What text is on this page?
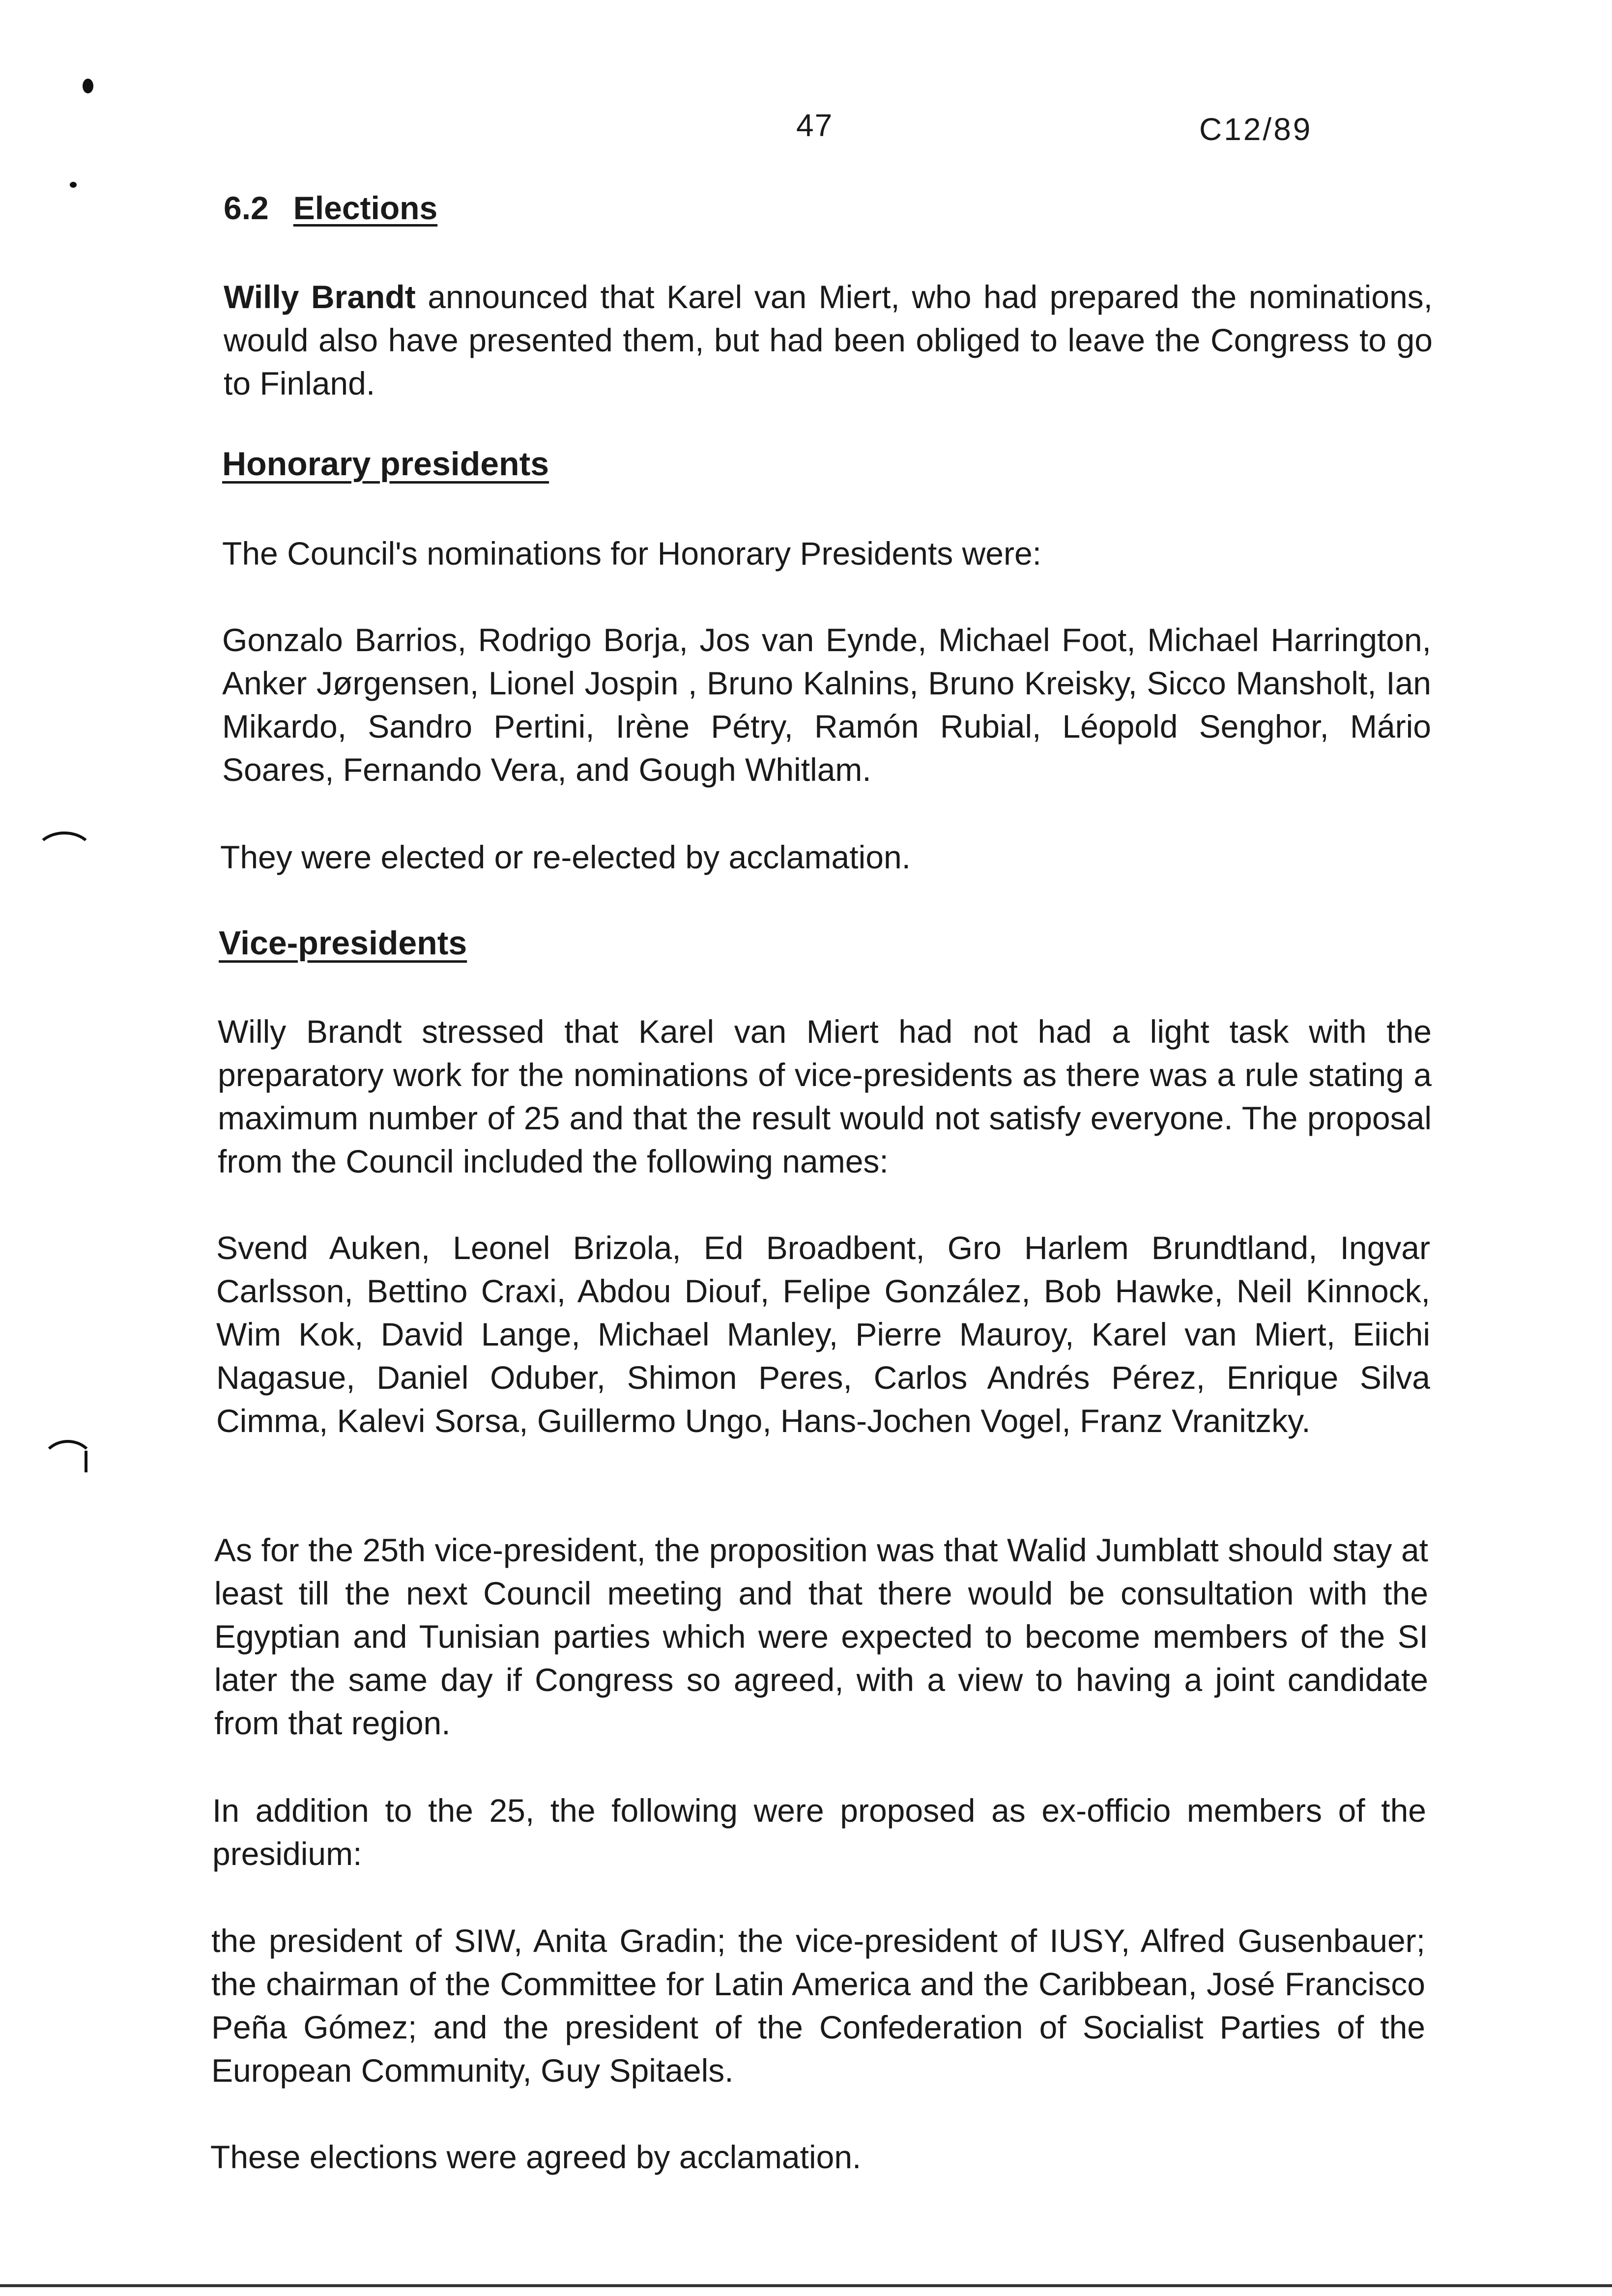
47	C12/89
6.2 Elections

Willy Brandt announced that Karel van Miert, who had prepared the nominations, would also have presented them, but had been obliged to leave the Congress to go to Finland.

Honorary presidents

The Council's nominations for Honorary Presidents were:

Gonzalo Barrios, Rodrigo Borja, Jos van Eynde, Michael Foot, Michael Harrington, Anker Jørgensen, Lionel Jospin , Bruno Kalnins, Bruno Kreisky, Sicco Mansholt, Ian Mikardo, Sandro Pertini, Irène Pétry, Ramón Rubial, Léopold Senghor, Mário Soares, Fernando Vera, and Gough Whitlam.

They were elected or re-elected by acclamation.

Vice-presidents

Willy Brandt stressed that Karel van Miert had not had a light task with the preparatory work for the nominations of vice-presidents as there was a rule stating a maximum number of 25 and that the result would not satisfy everyone. The proposal from the Council included the following names:

Svend Auken, Leonel Brizola, Ed Broadbent, Gro Harlem Brundtland, Ingvar Carlsson, Bettino Craxi, Abdou Diouf, Felipe González, Bob Hawke, Neil Kinnock, Wim Kok, David Lange, Michael Manley, Pierre Mauroy, Karel van Miert, Eiichi Nagasue, Daniel Oduber, Shimon Peres, Carlos Andrés Pérez, Enrique Silva Cimma, Kalevi Sorsa, Guillermo Ungo, Hans-Jochen Vogel, Franz Vranitzky.

As for the 25th vice-president, the proposition was that Walid Jumblatt should stay at least till the next Council meeting and that there would be consultation with the Egyptian and Tunisian parties which were expected to become members of the SI later the same day if Congress so agreed, with a view to having a joint candidate from that region.

In addition to the 25, the following were proposed as ex-officio members of the presidium:

the president of SIW, Anita Gradin; the vice-president of IUSY, Alfred Gusenbauer; the chairman of the Committee for Latin America and the Caribbean, José Francisco Peña Gómez; and the president of the Confederation of Socialist Parties of the European Community, Guy Spitaels.

These elections were agreed by acclamation.
